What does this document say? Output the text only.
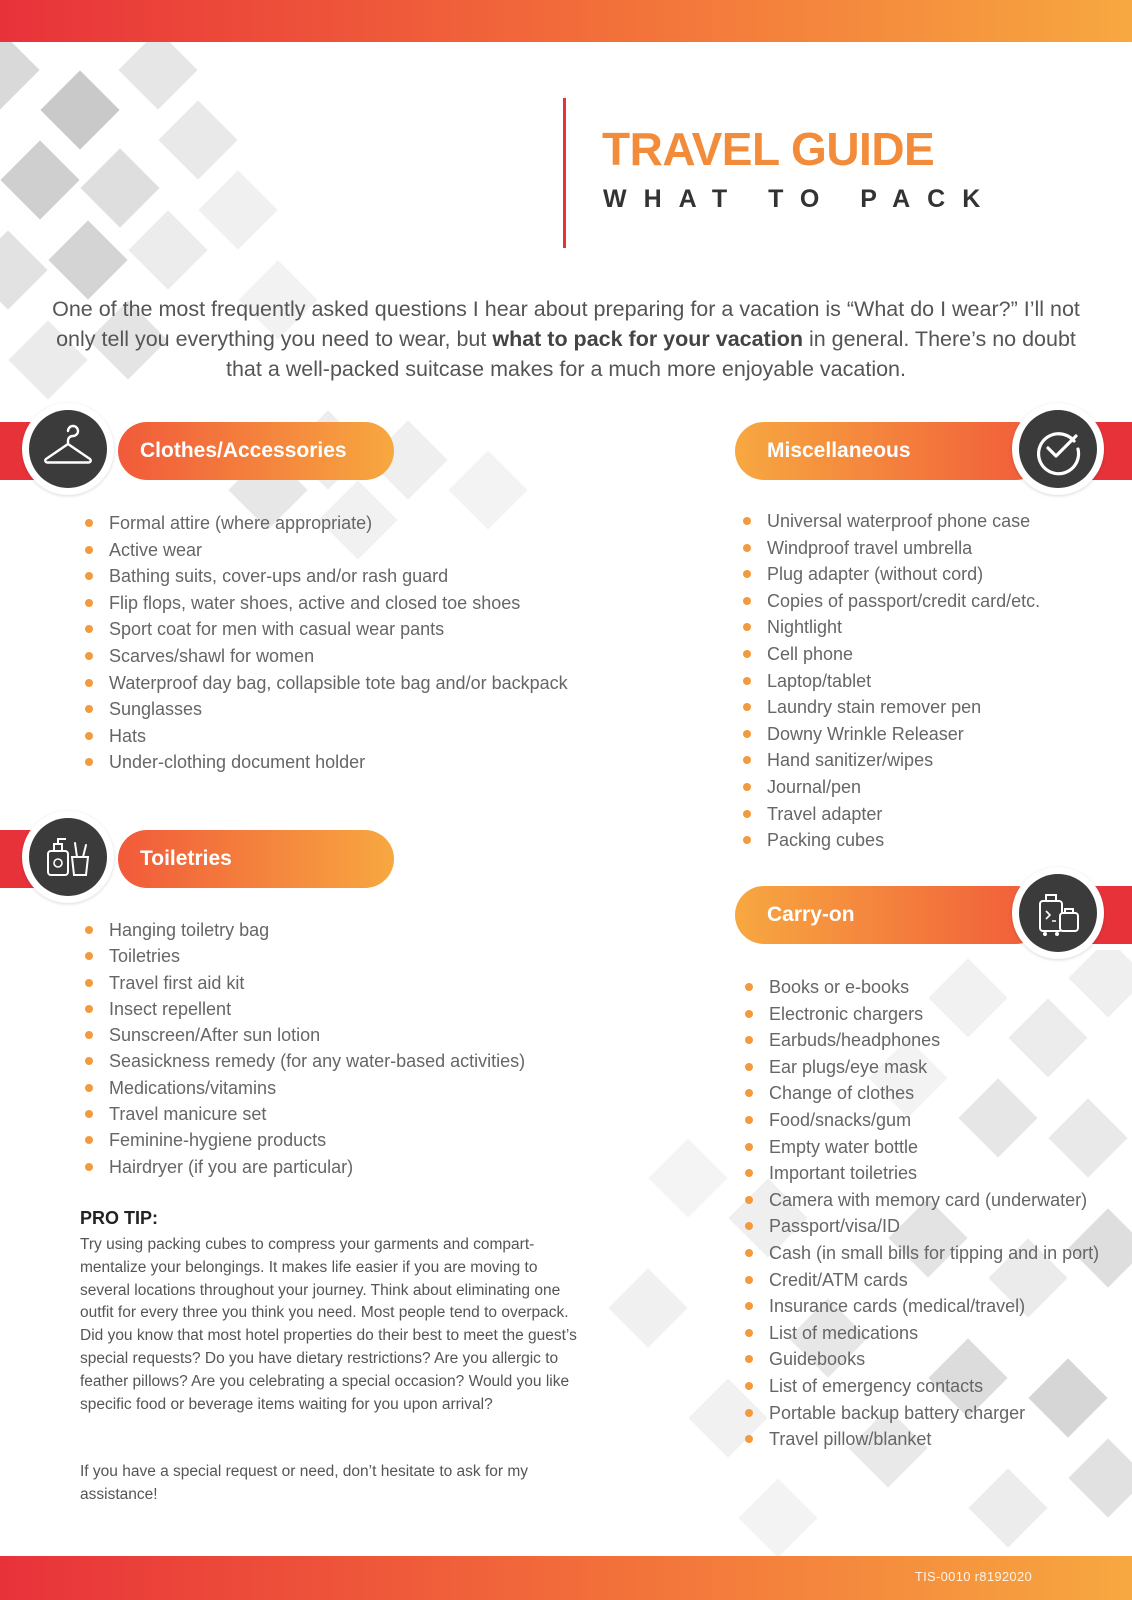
TRAVEL GUIDE
WHAT TO PACK

One of the most frequently asked questions I hear about preparing for a vacation is “What do I wear?” I’ll not only tell you everything you need to wear, but what to pack for your vacation in general. There’s no doubt that a well-packed suitcase makes for a much more enjoyable vacation.

Clothes/Accessories
Formal attire (where appropriate)
Active wear
Bathing suits, cover-ups and/or rash guard
Flip flops, water shoes, active and closed toe shoes
Sport coat for men with casual wear pants
Scarves/shawl for women
Waterproof day bag, collapsible tote bag and/or backpack
Sunglasses
Hats
Under-clothing document holder
Toiletries
Hanging toiletry bag
Toiletries
Travel first aid kit
Insect repellent
Sunscreen/After sun lotion
Seasickness remedy (for any water-based activities)
Medications/vitamins
Travel manicure set
Feminine-hygiene products
Hairdryer (if you are particular)
Miscellaneous
Universal waterproof phone case
Windproof travel umbrella
Plug adapter (without cord)
Copies of passport/credit card/etc.
Nightlight
Cell phone
Laptop/tablet
Laundry stain remover pen
Downy Wrinkle Releaser
Hand sanitizer/wipes
Journal/pen
Travel adapter
Packing cubes
Carry-on
Books or e-books
Electronic chargers
Earbuds/headphones
Ear plugs/eye mask
Change of clothes
Food/snacks/gum
Empty water bottle
Important toiletries
Camera with memory card (underwater)
Passport/visa/ID
Cash (in small bills for tipping and in port)
Credit/ATM cards
Insurance cards (medical/travel)
List of medications
Guidebooks
List of emergency contacts
Portable backup battery charger
Travel pillow/blanket
PRO TIP:

Try using packing cubes to compress your garments and compart-mentalize your belongings. It makes life easier if you are moving to several locations throughout your journey. Think about eliminating one outfit for every three you think you need. Most people tend to overpack. Did you know that most hotel properties do their best to meet the guest’s special requests? Do you have dietary restrictions? Are you allergic to feather pillows? Are you celebrating a special occasion? Would you like specific food or beverage items waiting for you upon arrival?

If you have a special request or need, don’t hesitate to ask for my assistance!

TIS-0010 r8192020
